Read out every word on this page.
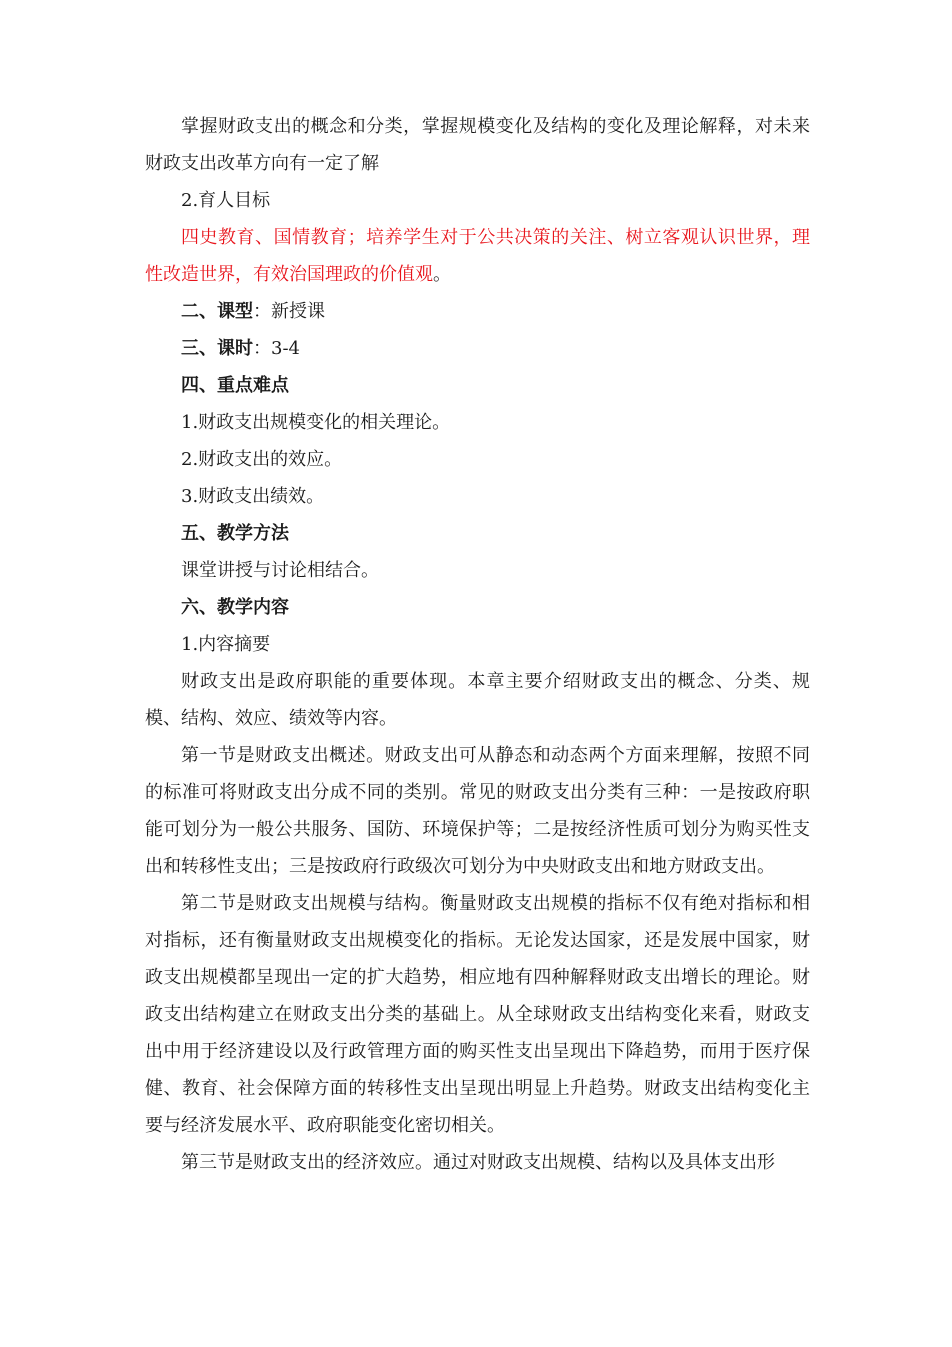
掌握财政支出的概念和分类，掌握规模变化及结构的变化及理论解释，对未来财政支出改革方向有一定了解

2.育人目标

四史教育、国情教育；培养学生对于公共决策的关注、树立客观认识世界，理性改造世界，有效治国理政的价值观。

二、课型：新授课

三、课时：3-4

四、重点难点

1.财政支出规模变化的相关理论。

2.财政支出的效应。

3.财政支出绩效。

五、教学方法

课堂讲授与讨论相结合。

六、教学内容

1.内容摘要

财政支出是政府职能的重要体现。本章主要介绍财政支出的概念、分类、规模、结构、效应、绩效等内容。

第一节是财政支出概述。财政支出可从静态和动态两个方面来理解，按照不同的标准可将财政支出分成不同的类别。常见的财政支出分类有三种：一是按政府职能可划分为一般公共服务、国防、环境保护等；二是按经济性质可划分为购买性支出和转移性支出；三是按政府行政级次可划分为中央财政支出和地方财政支出。

第二节是财政支出规模与结构。衡量财政支出规模的指标不仅有绝对指标和相对指标，还有衡量财政支出规模变化的指标。无论发达国家，还是发展中国家，财政支出规模都呈现出一定的扩大趋势，相应地有四种解释财政支出增长的理论。财政支出结构建立在财政支出分类的基础上。从全球财政支出结构变化来看，财政支出中用于经济建设以及行政管理方面的购买性支出呈现出下降趋势，而用于医疗保健、教育、社会保障方面的转移性支出呈现出明显上升趋势。财政支出结构变化主要与经济发展水平、政府职能变化密切相关。

第三节是财政支出的经济效应。通过对财政支出规模、结构以及具体支出形
